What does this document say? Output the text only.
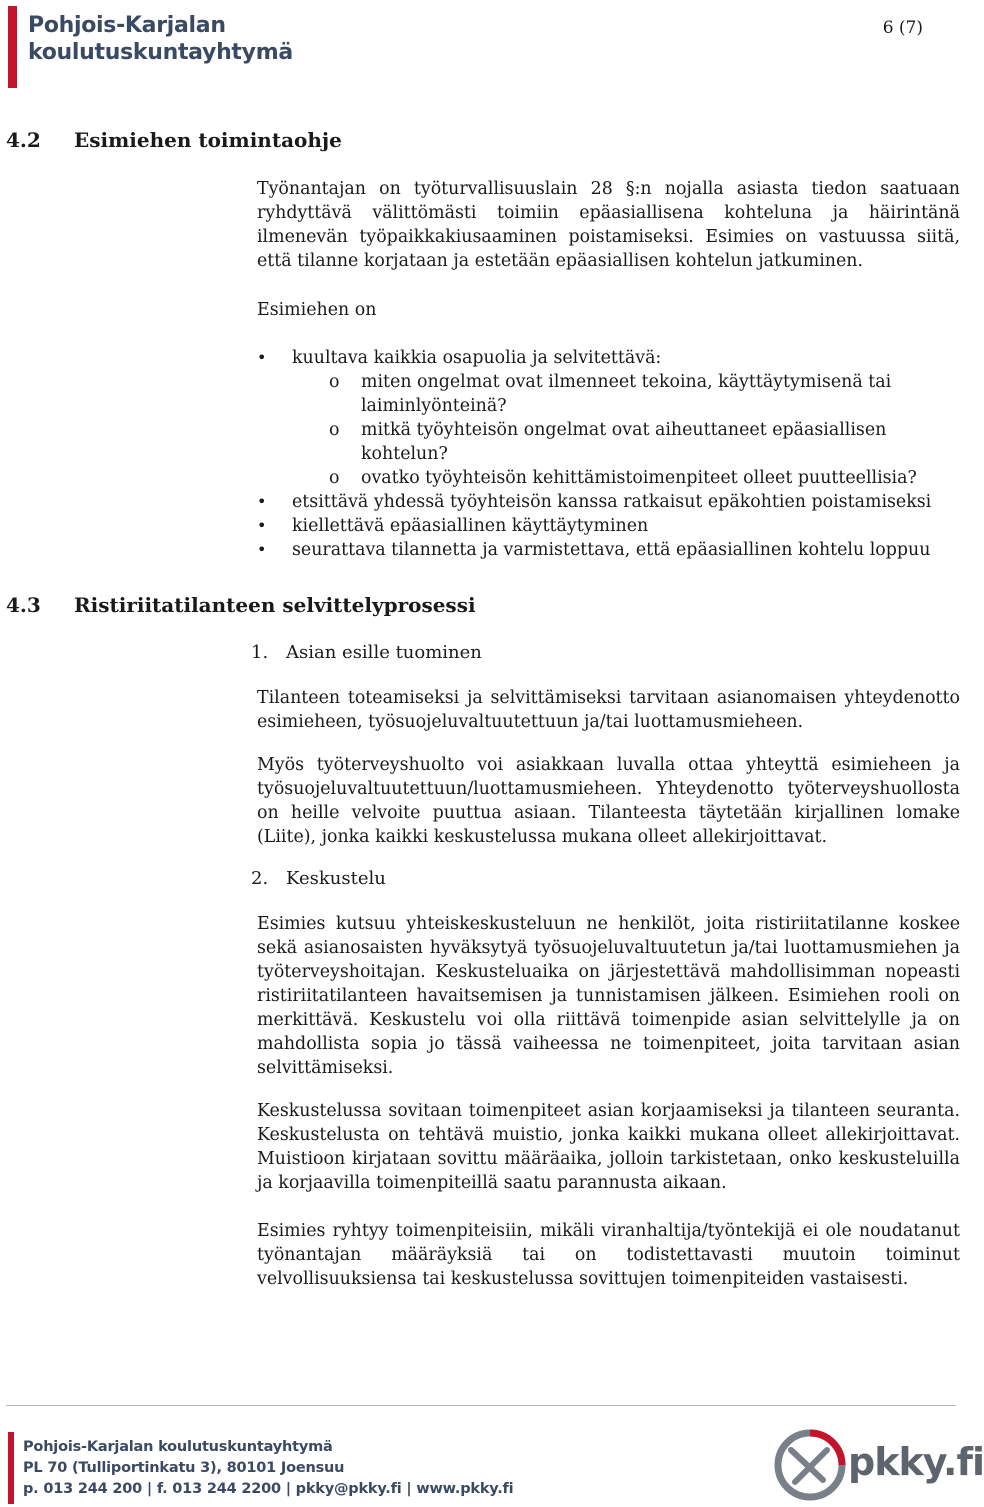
Pohjois-Karjalan
koulutuskuntayhtymä
6 (7)
4.2 Esimiehen toimintaohje

Työnantajan on työturvallisuuslain 28 §:n nojalla asiasta tiedon saatuaan ryhdyttävä välittömästi toimiin epäasiallisena kohteluna ja häirintänä ilmenevän työpaikkakiusaaminen poistamiseksi. Esimies on vastuussa siitä, että tilanne korjataan ja estetään epäasiallisen kohtelun jatkuminen.

Esimiehen on

• kuultava kaikkia osapuolia ja selvitettävä:
o miten ongelmat ovat ilmenneet tekoina, käyttäytymisenä tai laiminlyönteinä?
o mitkä työyhteisön ongelmat ovat aiheuttaneet epäasiallisen kohtelun?
o ovatko työyhteisön kehittämistoimenpiteet olleet puutteellisia?
• etsittävä yhdessä työyhteisön kanssa ratkaisut epäkohtien poistamiseksi
• kiellettävä epäasiallinen käyttäytyminen
• seurattava tilannetta ja varmistettava, että epäasiallinen kohtelu loppuu
4.3 Ristiriitatilanteen selvittelyprosessi
1. Asian esille tuominen

Tilanteen toteamiseksi ja selvittämiseksi tarvitaan asianomaisen yhteydenotto esimieheen, työsuojeluvaltuutettuun ja/tai luottamusmieheen.

Myös työterveyshuolto voi asiakkaan luvalla ottaa yhteyttä esimieheen ja työsuojeluvaltuutettuun/luottamusmieheen. Yhteydenotto työterveyshuollosta on heille velvoite puuttua asiaan. Tilanteesta täytetään kirjallinen lomake (Liite), jonka kaikki keskustelussa mukana olleet allekirjoittavat.

2. Keskustelu

Esimies kutsuu yhteiskeskusteluun ne henkilöt, joita ristiriitatilanne koskee sekä asianosaisten hyväksytyä työsuojeluvaltuutetun ja/tai luottamusmiehen ja työterveyshoitajan. Keskusteluaika on järjestettävä mahdollisimman nopeasti ristiriitatilanteen havaitsemisen ja tunnistamisen jälkeen. Esimiehen rooli on merkittävä. Keskustelu voi olla riittävä toimenpide asian selvittelylle ja on mahdollista sopia jo tässä vaiheessa ne toimenpiteet, joita tarvitaan asian selvittämiseksi.

Keskustelussa sovitaan toimenpiteet asian korjaamiseksi ja tilanteen seuranta. Keskustelusta on tehtävä muistio, jonka kaikki mukana olleet allekirjoittavat. Muistioon kirjataan sovittu määräaika, jolloin tarkistetaan, onko keskusteluilla ja korjaavilla toimenpiteillä saatu parannusta aikaan.

Esimies ryhtyy toimenpiteisiin, mikäli viranhaltija/työntekijä ei ole noudatanut työnantajan määräyksiä tai on todistettavasti muutoin toiminut velvollisuuksiensa tai keskustelussa sovittujen toimenpiteiden vastaisesti.

Pohjois-Karjalan koulutuskuntayhtymä
PL 70 (Tulliportinkatu 3), 80101 Joensuu
p. 013 244 200 | f. 013 244 2200 | pkky@pkky.fi | www.pkky.fi
pkky.fi
